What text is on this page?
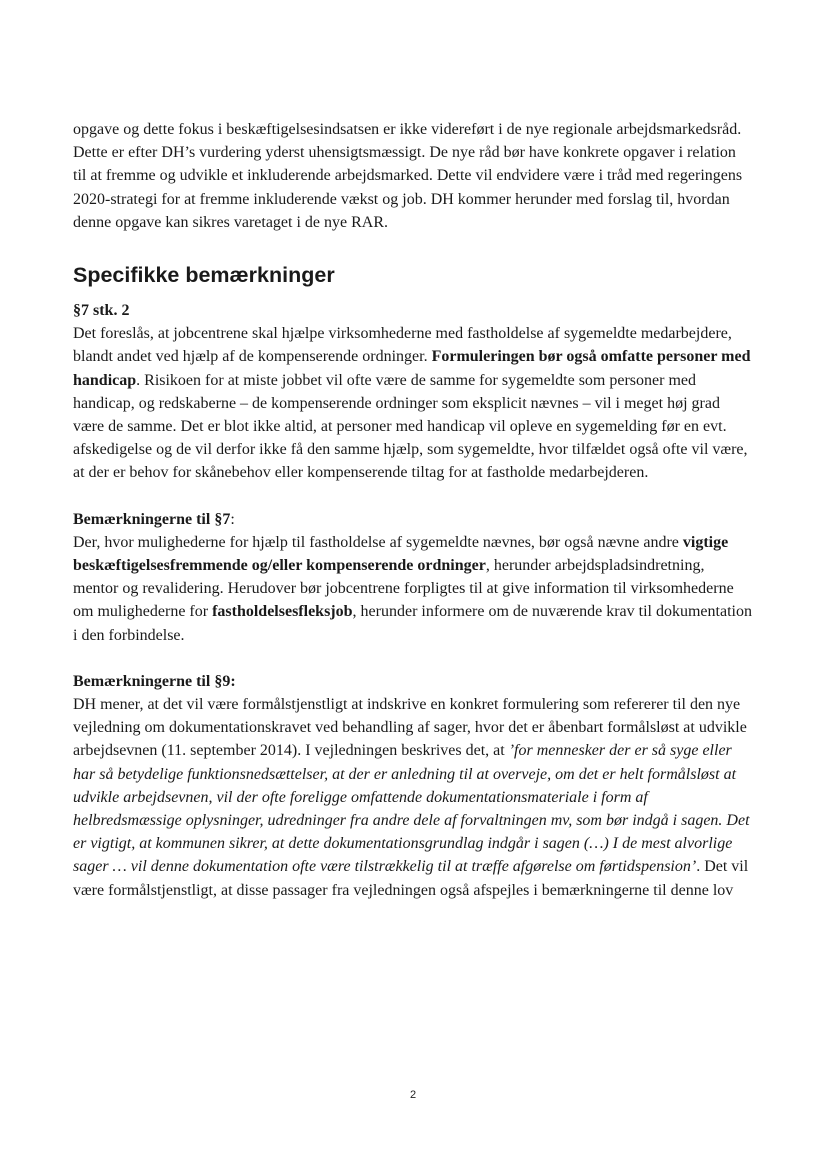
opgave og dette fokus i beskæftigelsesindsatsen er ikke videreført i de nye regionale arbejdsmarkedsråd. Dette er efter DH’s vurdering yderst uhensigtsmæssigt. De nye råd bør have konkrete opgaver i relation til at fremme og udvikle et inkluderende arbejdsmarked. Dette vil endvidere være i tråd med regeringens 2020-strategi for at fremme inkluderende vækst og job. DH kommer herunder med forslag til, hvordan denne opgave kan sikres varetaget i de nye RAR.

Specifikke bemærkninger

§7 stk. 2

Det foreslås, at jobcentrene skal hjælpe virksomhederne med fastholdelse af sygemeldte medarbejdere, blandt andet ved hjælp af de kompenserende ordninger. Formuleringen bør også omfatte personer med handicap. Risikoen for at miste jobbet vil ofte være de samme for sygemeldte som personer med handicap, og redskaberne – de kompenserende ordninger som eksplicit nævnes – vil i meget høj grad være de samme. Det er blot ikke altid, at personer med handicap vil opleve en sygemelding før en evt. afskedigelse og de vil derfor ikke få den samme hjælp, som sygemeldte, hvor tilfældet også ofte vil være, at der er behov for skånebehov eller kompenserende tiltag for at fastholde medarbejderen.

Bemærkningerne til §7:

Der, hvor mulighederne for hjælp til fastholdelse af sygemeldte nævnes, bør også nævne andre vigtige beskæftigelsesfremmende og/eller kompenserende ordninger, herunder arbejdspladsindretning, mentor og revalidering. Herudover bør jobcentrene forpligtes til at give information til virksomhederne om mulighederne for fastholdelsesfleksjob, herunder informere om de nuværende krav til dokumentation i den forbindelse.

Bemærkningerne til §9:

DH mener, at det vil være formålstjenstligt at indskrive en konkret formulering som refererer til den nye vejledning om dokumentationskravet ved behandling af sager, hvor det er åbenbart formålsløst at udvikle arbejdsevnen (11. september 2014). I vejledningen beskrives det, at ’for mennesker der er så syge eller har så betydelige funktionsnedsættelser, at der er anledning til at overveje, om det er helt formålsløst at udvikle arbejdsevnen, vil der ofte foreligge omfattende dokumentationsmateriale i form af helbredsmæssige oplysninger, udredninger fra andre dele af forvaltningen mv, som bør indgå i sagen. Det er vigtigt, at kommunen sikrer, at dette dokumentationsgrundlag indgår i sagen (…) I de mest alvorlige sager … vil denne dokumentation ofte være tilstrækkelig til at træffe afgørelse om førtidspension’. Det vil være formålstjenstligt, at disse passager fra vejledningen også afspejles i bemærkningerne til denne lov

2
